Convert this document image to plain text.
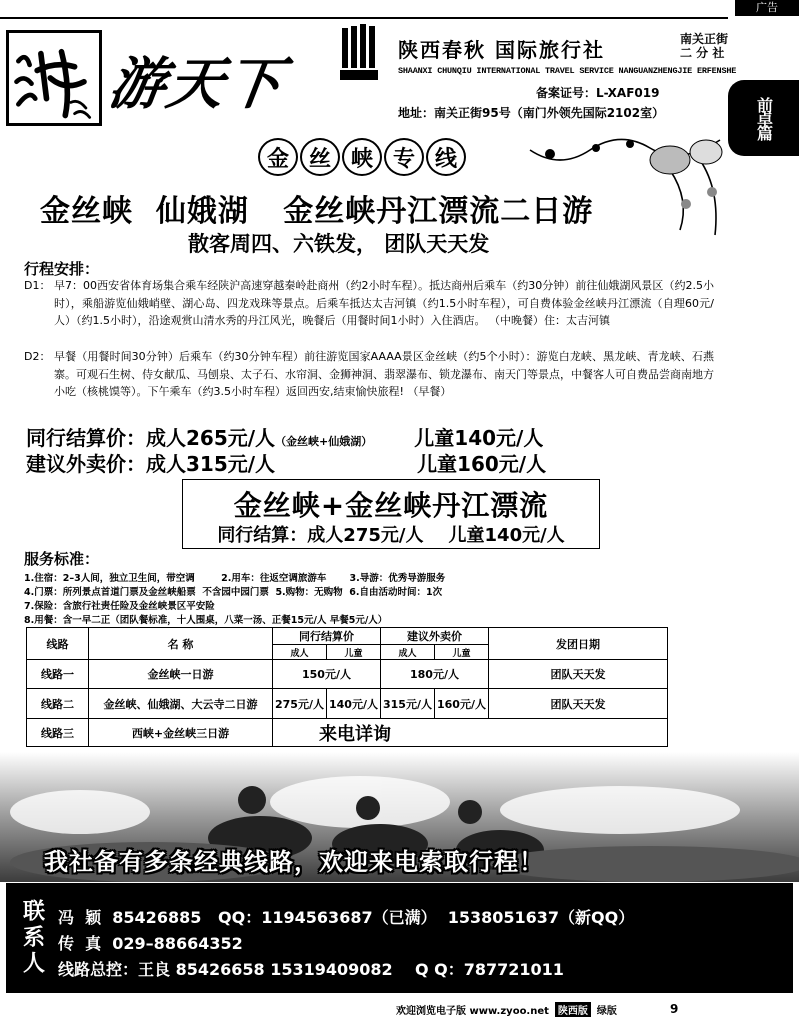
广告
游天下
陕西春秋 国际旅行社	南关正街
二 分 社
SHAANXI CHUNQIU INTERNATIONAL TRAVEL SERVICE NANGUANZHENGJIE ERFENSHE
备案证号：L-XAF019
地址：南关正街95号（南门外领先国际2102室）	前卓篇
金 丝 峡 专 线
金丝峡  仙娥湖   金丝峡丹江漂流二日游
散客周四、六铁发， 团队天天发
行程安排：
D1： 早7：00西安省体育场集合乘车经陕沪高速穿越秦岭赴商州（约2小时车程）。抵达商州后乘车（约30分钟）前往仙娥湖风景区（约2.5小时），乘船游览仙娥峭壁、湖心岛、四龙戏珠等景点。后乘车抵达太吉河镇（约1.5小时车程），可自费体验金丝峡丹江漂流（自理60元/人）（约1.5小时），沿途观赏山清水秀的丹江风光，晚餐后（用餐时间1小时）入住酒店。 （中晚餐）住：太吉河镇
D2： 早餐（用餐时间30分钟）后乘车（约30分钟车程）前往游览国家AAAA景区金丝峡（约5个小时）：游览白龙峡、黑龙峡、青龙峡、石燕寨。可观石生树、侍女献瓜、马刨泉、太子石、水帘洞、金狮神洞、翡翠瀑布、锁龙瀑布、南天门等景点，中餐客人可自费品尝商南地方小吃（核桃馍等）。下午乘车（约3.5小时车程）返回西安,结束愉快旅程! （早餐）
同行结算价：成人265元/人（金丝峡+仙娥湖） 儿童140元/人
建议外卖价：成人315元/人	儿童160元/人
金丝峡+金丝峡丹江漂流
同行结算：成人275元/人    儿童140元/人
服务标准：
1.住宿：2–3人间，独立卫生间，带空调        2.用车：往返空调旅游车       3.导游：优秀导游服务
4.门票：所列景点首道门票及金丝峡船票  不含园中园门票  5.购物：无购物  6.自由活动时间：1次
7.保险：含旅行社责任险及金丝峡景区平安险
8.用餐：含一早二正（团队餐标准，十人围桌，八菜一汤、正餐15元/人 早餐5元/人）
我社备有多条经典线路，欢迎来电索取行程！
联系人 冯  颖  85426885   QQ：1194563687（已满）  1538051637（新QQ）
传  真  029–88664352
线路总控：王良 85426658 15319409082    Q Q：787721011
欢迎浏览电子版 www.zyoo.net 陕西版 绿版	9
线路	名 称	同行结算价		建议外卖价		发团日期
		成人	儿童	成人	儿童	
线路一	金丝峡一日游	150元/人		180元/人		团队天天发
线路二	金丝峡、仙娥湖、大云寺二日游	275元/人	140元/人	315元/人	160元/人	团队天天发
线路三	西峡+金丝峡三日游	来电详询				
